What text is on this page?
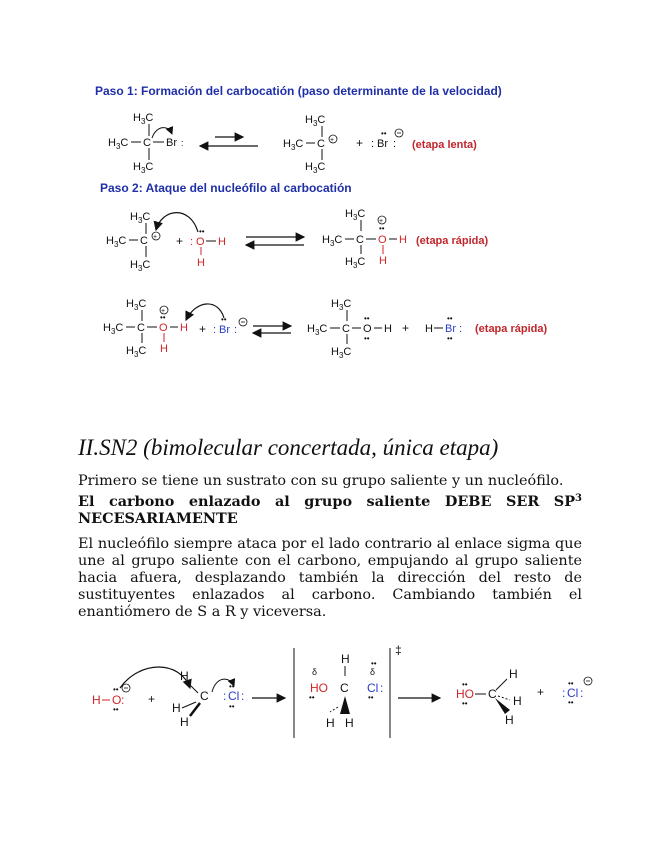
Paso 1: Formación del carbocatión (paso determinante de la velocidad)
$H_3C$
$H_3C$ C Br :
$H_3C$
$H_3C$
$H_3C$ C +
$H_3C$
+ : Br :
••
(etapa lenta)
Paso 2: Ataque del nucleófilo al carbocatión
$H_3C$
$H_3C$ C +
$H_3C$
+ : O
••
H
H
$H_3C$
$H_3C$ C O
+
••
H
$H_3C$ H
(etapa rápida)
$H_3C$
$H_3C$ C O
+
••
H
$H_3C$ H
+ : Br :
••
$H_3C$
$H_3C$ C O
••
••
H
$H_3C$
+ H Br :
••
••
(etapa rápida)
II.SN2 (bimolecular concertada, única etapa)
Primero se tiene un sustrato con su grupo saliente y un nucleófilo.
El carbono enlazado al grupo saliente DEBE SER $SP^3$ NECESARIAMENTE
El nucleófilo siempre ataca por el lado contrario al enlace sigma que une al grupo saliente con el carbono, empujando al grupo saliente hacia afuera, desplazando también la dirección del resto de sustituyentes enlazados al carbono. Cambiando también el enantiómero de S a R y viceversa.
H O :
••
••
+
H
C
H
H
: Cl :
••
••
‡
δ
HO
••
H
C
δ
••
Cl :
••
H H
HO
••
••
C
H
H
H
+ : Cl :
••
••
